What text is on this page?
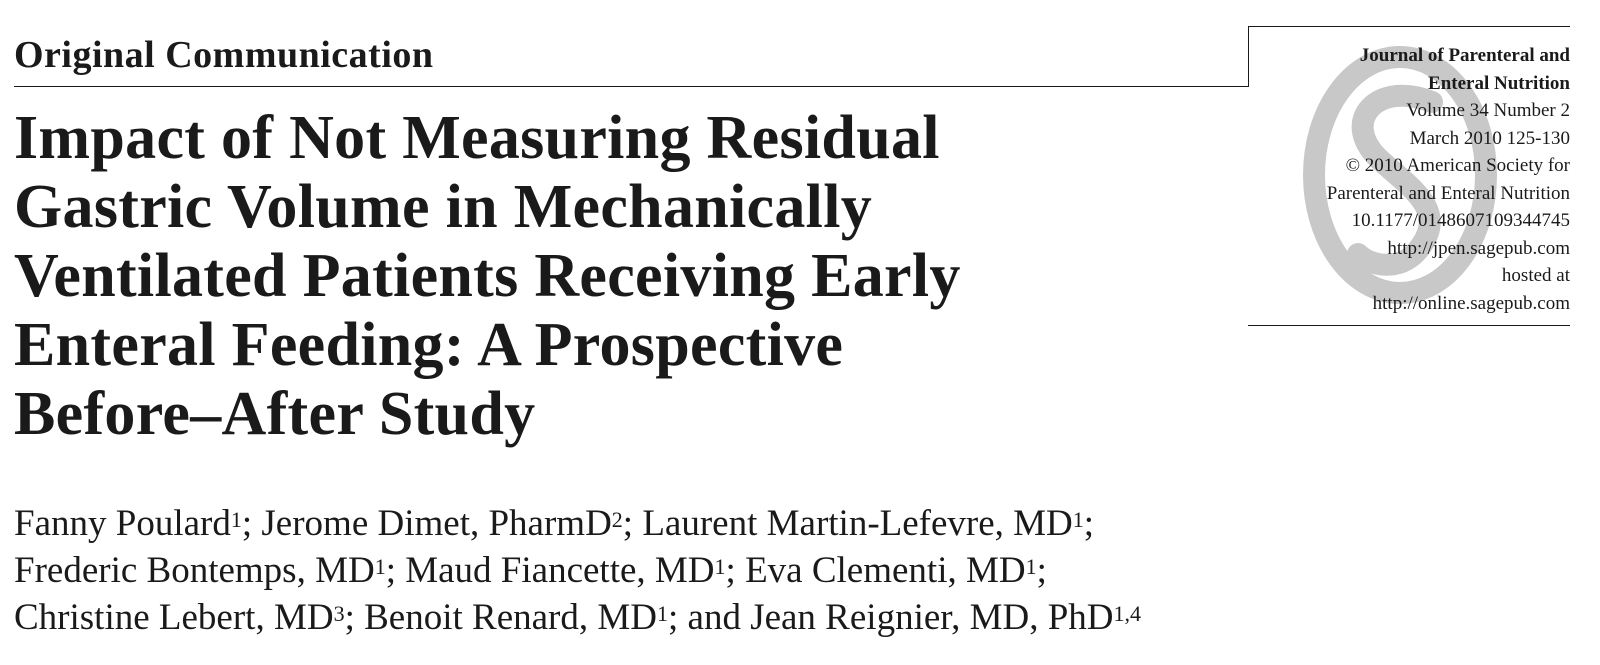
Original Communication	Journal of Parenteral and
Enteral Nutrition
Volume 34 Number 2
March 2010 125-130
© 2010 American Society for
Parenteral and Enteral Nutrition
10.1177/0148607109344745
http://jpen.sagepub.com
hosted at
http://online.sagepub.com
Impact of Not Measuring Residual
Gastric Volume in Mechanically
Ventilated Patients Receiving Early
Enteral Feeding: A Prospective
Before–After Study
Fanny Poulard$^1$; Jerome Dimet, PharmD$^2$; Laurent Martin-Lefevre, $MD^1$;
Frederic Bontemps, $MD^1$; Maud Fiancette, $MD^1$; Eva Clementi, $MD^1$;
Christine Lebert, $MD^3$; Benoit Renard, $MD^1$; and Jean Reignier, MD, PhD$^{1,4}$
